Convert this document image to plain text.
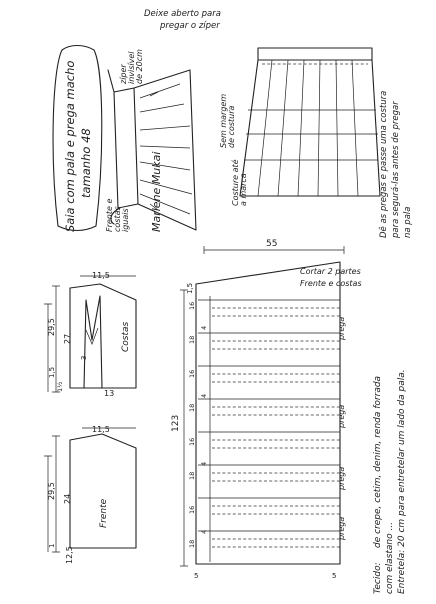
Saia com pala e prega macho tamanho 48	Marlene Mukai
zíper invisível de 20cm
Frente e costas iguais
Deixe aberto para
pregar o zíper
Sem margem de costura
Costure até a marca	Dê as pregas e passe uma costura para segurá-las antes de pregar na pala
Costas
29,5
27
1,5
11,5
13
3
1½
Frente
29,5 24
11,5
12,5
1
55
123
Cortar 2 partes
Frente e costas
prega
prega
prega
prega
5	5
1,5
4
4
4
4
16
18
16
18
16
18
16
18
Tecido:
de crepe, cetim, denim, renda forrada
com elastano ... Entretela: 20 cm para entretelar um lado da pala.
